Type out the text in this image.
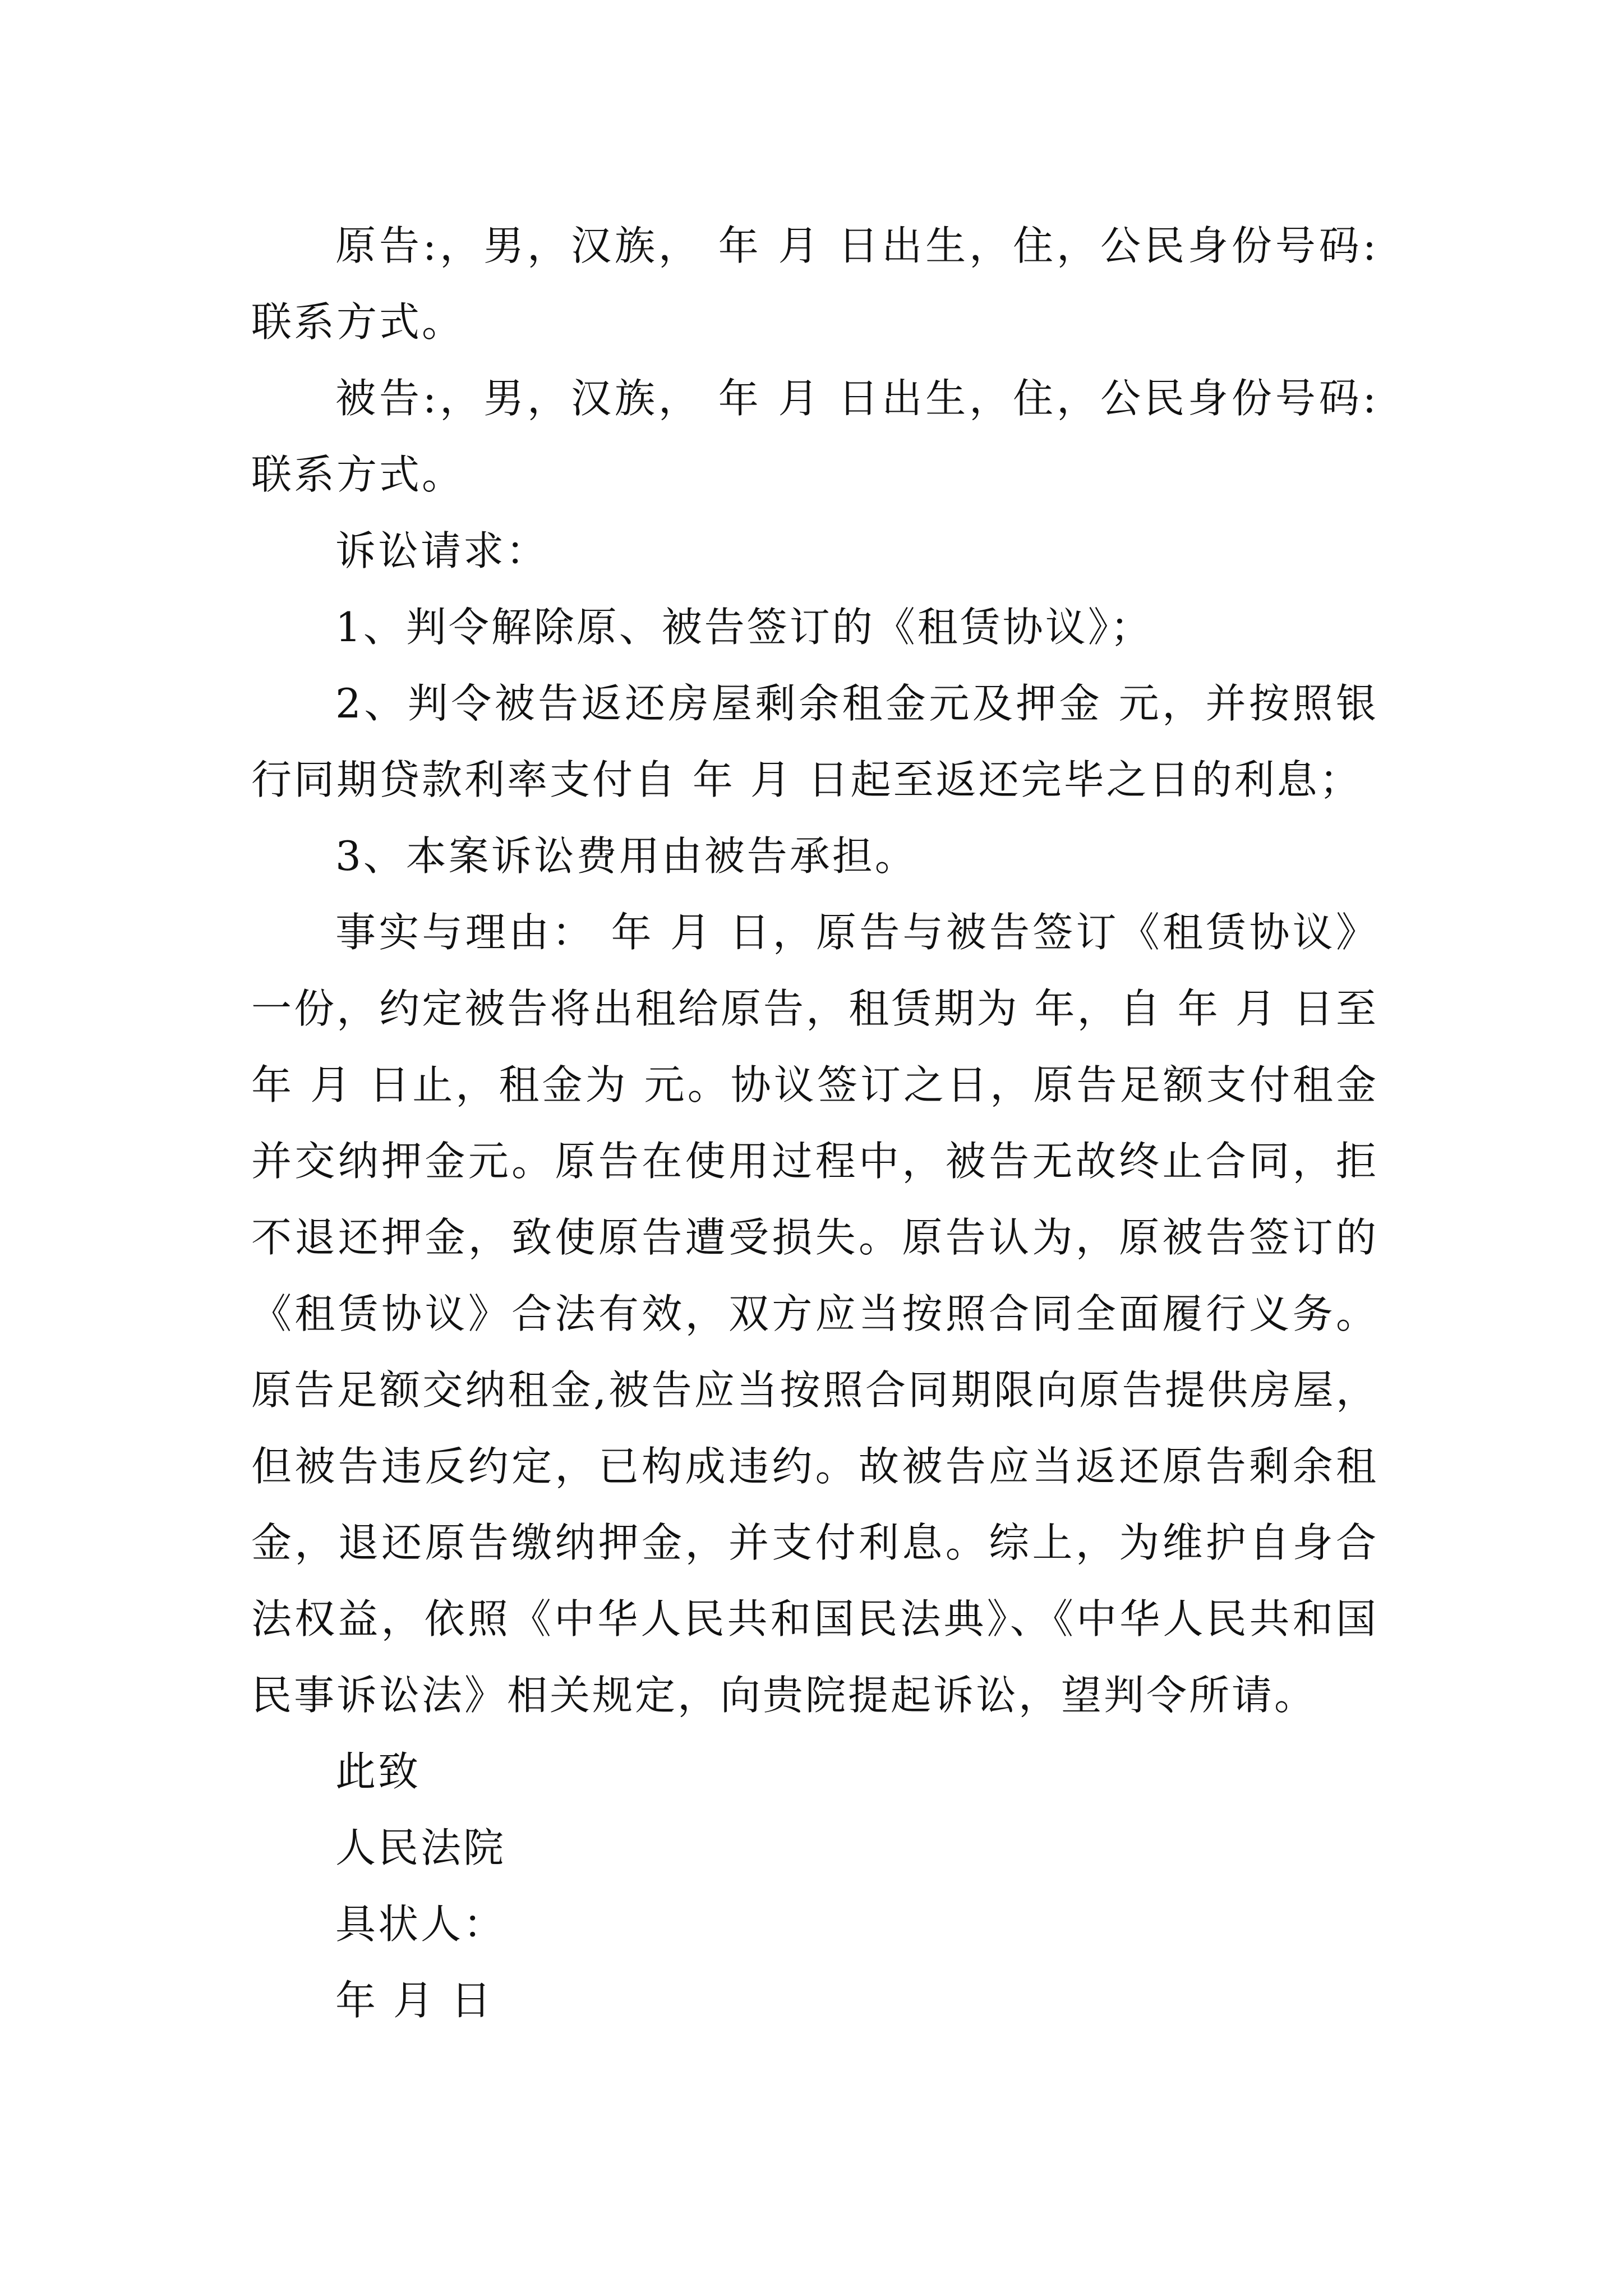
原告:，男，汉族， 年 月 日出生，住，公民身份号码:联系方式。

被告:，男，汉族， 年 月 日出生，住，公民身份号码:联系方式。

诉讼请求：

1、判令解除原、被告签订的《租赁协议》；

2、判令被告返还房屋剩余租金元及押金 元，并按照银行同期贷款利率支付自 年 月 日起至返还完毕之日的利息；

3、本案诉讼费用由被告承担。

事实与理由： 年 月 日，原告与被告签订《租赁协议》一份，约定被告将出租给原告，租赁期为 年，自 年 月 日至 年 月 日止，租金为 元。协议签订之日，原告足额支付租金并交纳押金元。原告在使用过程中，被告无故终止合同，拒不退还押金，致使原告遭受损失。原告认为，原被告签订的《租赁协议》合法有效，双方应当按照合同全面履行义务。原告足额交纳租金,被告应当按照合同期限向原告提供房屋，但被告违反约定，已构成违约。故被告应当返还原告剩余租金，退还原告缴纳押金，并支付利息。综上，为维护自身合法权益，依照《中华人民共和国民法典》、《中华人民共和国民事诉讼法》相关规定，向贵院提起诉讼，望判令所请。

此致

人民法院

具状人：

年 月 日
